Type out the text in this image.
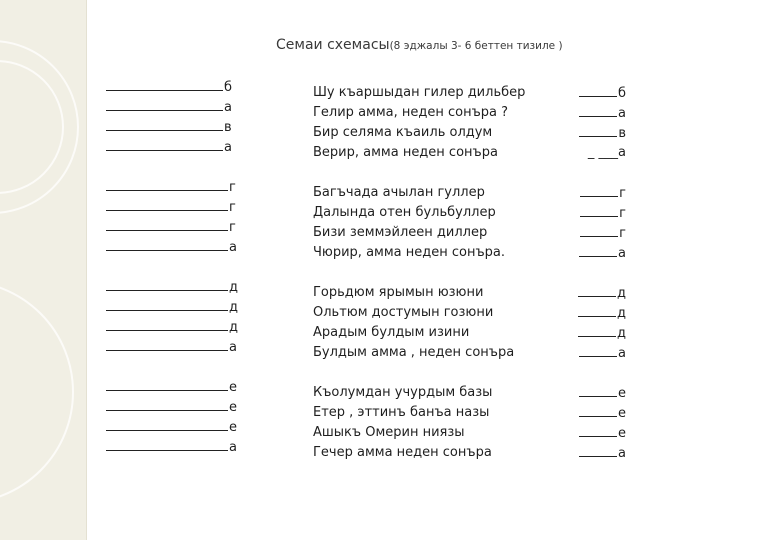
Семаи схемасы(8 эджалы 3- 6 беттен тизиле )
б
а
в
а
г
г
г
а
д
д
д
а
е
е
е
а
Шу къаршыдан гилер дильбер
Гелир амма, неден сонъра ?
Бир селяма къаиль олдум
Верир, амма неден сонъра
Багъчада ачылан гуллер
Далында отен бульбуллер
Бизи земмэйлеен диллер
Чюрир, амма неден сонъра.
Горьдюм ярымын юзюни
Ольтюм достумын гозюни
Арадым булдым изини
Булдым амма , неден сонъра
Къолумдан учурдым базы
Етер , эттинъ банъа назы
Ашыкъ Омерин ниязы
Гечер амма неден сонъра
б
а
в
_ ___а
г
г
г
а
д
д
д
а
е
е
е
а
